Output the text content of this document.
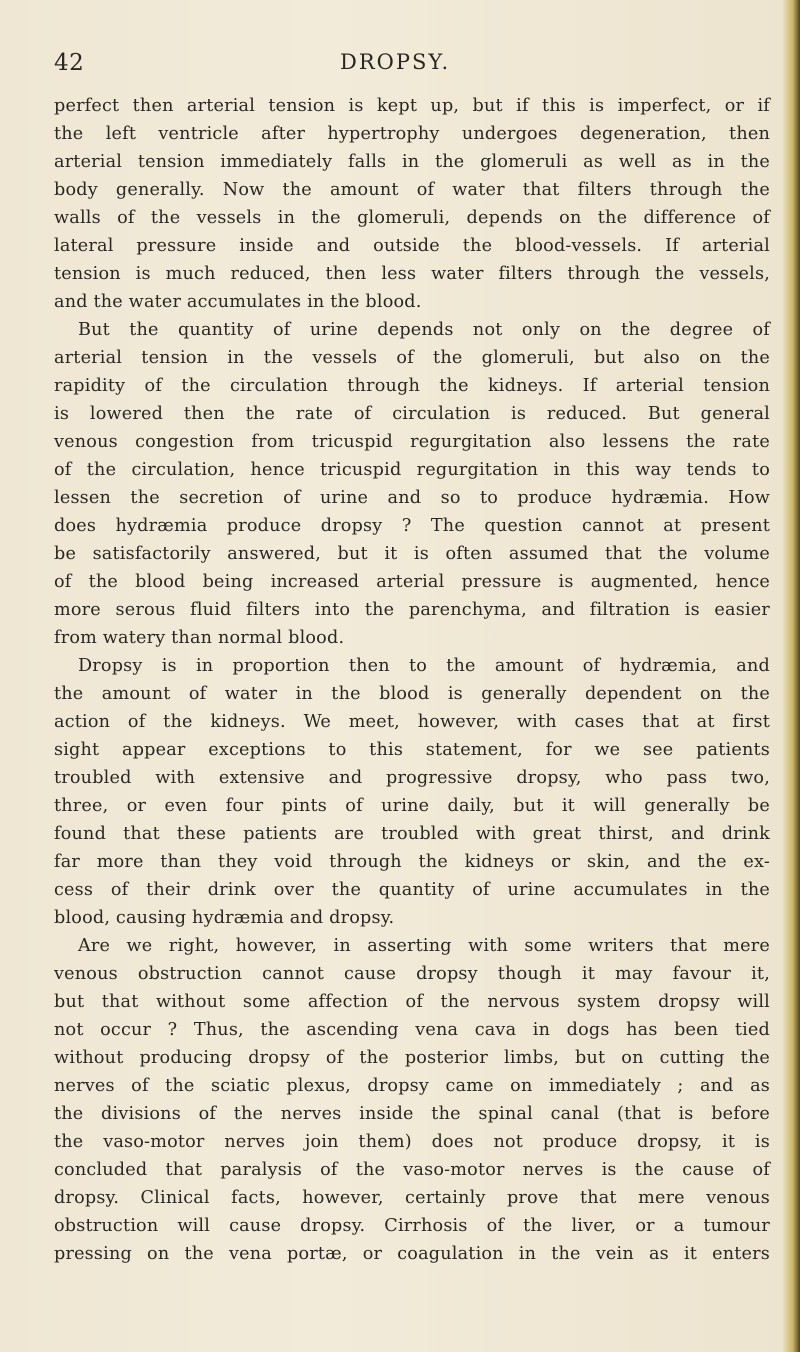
42	DROPSY.
perfect then arterial tension is kept up, but if this is imperfect, or if
the left ventricle after hypertrophy undergoes degeneration, then
arterial tension immediately falls in the glomeruli as well as in the
body generally. Now the amount of water that filters through the
walls of the vessels in the glomeruli, depends on the difference of
lateral pressure inside and outside the blood-vessels. If arterial
tension is much reduced, then less water filters through the vessels,
and the water accumulates in the blood.
But the quantity of urine depends not only on the degree of
arterial tension in the vessels of the glomeruli, but also on the
rapidity of the circulation through the kidneys. If arterial tension
is lowered then the rate of circulation is reduced. But general
venous congestion from tricuspid regurgitation also lessens the rate
of the circulation, hence tricuspid regurgitation in this way tends to
lessen the secretion of urine and so to produce hydræmia. How
does hydræmia produce dropsy ? The question cannot at present
be satisfactorily answered, but it is often assumed that the volume
of the blood being increased arterial pressure is augmented, hence
more serous fluid filters into the parenchyma, and filtration is easier
from watery than normal blood.
Dropsy is in proportion then to the amount of hydræmia, and
the amount of water in the blood is generally dependent on the
action of the kidneys. We meet, however, with cases that at first
sight appear exceptions to this statement, for we see patients
troubled with extensive and progressive dropsy, who pass two,
three, or even four pints of urine daily, but it will generally be
found that these patients are troubled with great thirst, and drink
far more than they void through the kidneys or skin, and the ex-
cess of their drink over the quantity of urine accumulates in the
blood, causing hydræmia and dropsy.
Are we right, however, in asserting with some writers that mere
venous obstruction cannot cause dropsy though it may favour it,
but that without some affection of the nervous system dropsy will
not occur ? Thus, the ascending vena cava in dogs has been tied
without producing dropsy of the posterior limbs, but on cutting the
nerves of the sciatic plexus, dropsy came on immediately ; and as
the divisions of the nerves inside the spinal canal (that is before
the vaso-motor nerves join them) does not produce dropsy, it is
concluded that paralysis of the vaso-motor nerves is the cause of
dropsy. Clinical facts, however, certainly prove that mere venous
obstruction will cause dropsy. Cirrhosis of the liver, or a tumour
pressing on the vena portæ, or coagulation in the vein as it enters
